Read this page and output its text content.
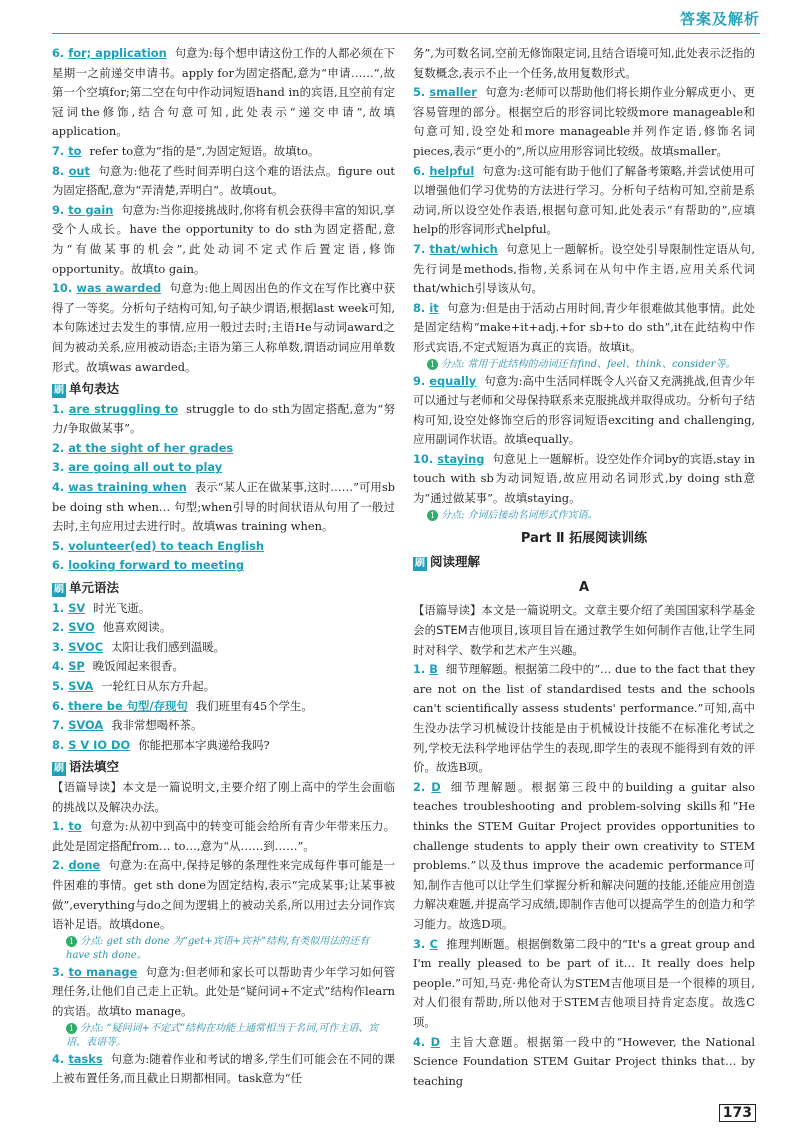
答案及解析

6. for; application 句意为:每个想申请这份工作的人都必须在下星期一之前递交申请书。apply for为固定搭配,意为“申请……”,故第一个空填for;第二空在句中作动词短语hand in的宾语,且空前有定冠词the修饰,结合句意可知,此处表示“递交申请”,故填application。

7. to refer to意为“指的是”,为固定短语。故填to。

8. out 句意为:他花了些时间弄明白这个难的语法点。figure out为固定搭配,意为“弄清楚,弄明白”。故填out。

9. to gain 句意为:当你迎接挑战时,你将有机会获得丰富的知识,享受个人成长。have the opportunity to do sth为固定搭配,意为“有做某事的机会”,此处动词不定式作后置定语,修饰opportunity。故填to gain。

10. was awarded 句意为:他上周因出色的作文在写作比赛中获得了一等奖。分析句子结构可知,句子缺少谓语,根据last week可知,本句陈述过去发生的事情,应用一般过去时;主语He与动词award之间为被动关系,应用被动语态;主语为第三人称单数,谓语动词应用单数形式。故填was awarded。

刷 单句表达

1. are struggling to struggle to do sth为固定搭配,意为“努力/争取做某事”。

2. at the sight of her grades

3. are going all out to play

4. was training when 表示“某人正在做某事,这时……”可用sb be doing sth when… 句型;when引导的时间状语从句用了一般过去时,主句应用过去进行时。故填was training when。

5. volunteer(ed) to teach English

6. looking forward to meeting

刷 单元语法

1. SV 时光飞逝。

2. SVO 他喜欢阅读。

3. SVOC 太阳让我们感到温暖。

4. SP 晚饭闻起来很香。

5. SVA 一轮红日从东方升起。

6. there be 句型/存现句 我们班里有45个学生。

7. SVOA 我非常想喝杯茶。

8. S V IO DO 你能把那本字典递给我吗?

刷 语法填空

【语篇导读】本文是一篇说明文,主要介绍了刚上高中的学生会面临的挑战以及解决办法。

1. to 句意为:从初中到高中的转变可能会给所有青少年带来压力。此处是固定搭配from… to…,意为“从……到……”。

2. done 句意为:在高中,保持足够的条理性来完成每件事可能是一件困难的事情。get sth done为固定结构,表示“完成某事;让某事被做”,everything与do之间为逻辑上的被动关系,所以用过去分词作宾语补足语。故填done。

1 分点: get sth done 为“get+宾语+宾补”结构,有类似用法的还有 have sth done。

3. to manage 句意为:但老师和家长可以帮助青少年学习如何管理任务,让他们自己走上正轨。此处是“疑问词+不定式”结构作learn的宾语。故填to manage。

1 分点: “疑问词+不定式”结构在功能上通常相当于名词,可作主语、宾语、表语等。

4. tasks 句意为:随着作业和考试的增多,学生们可能会在不同的课上被布置任务,而且截止日期都相同。task意为“任

务”,为可数名词,空前无修饰限定词,且结合语境可知,此处表示泛指的复数概念,表示不止一个任务,故用复数形式。

5. smaller 句意为:老师可以帮助他们将长期作业分解成更小、更容易管理的部分。根据空后的形容词比较级more manageable和句意可知,设空处和more manageable并列作定语,修饰名词pieces,表示“更小的”,所以应用形容词比较级。故填smaller。

6. helpful 句意为:这可能有助于他们了解备考策略,并尝试使用可以增强他们学习优势的方法进行学习。分析句子结构可知,空前是系动词,所以设空处作表语,根据句意可知,此处表示“有帮助的”,应填help的形容词形式helpful。

7. that/which 句意见上一题解析。设空处引导限制性定语从句,先行词是methods,指物,关系词在从句中作主语,应用关系代词that/which引导该从句。

8. it 句意为:但是由于活动占用时间,青少年很难做其他事情。此处是固定结构“make+it+adj.+for sb+to do sth”,it在此结构中作形式宾语,不定式短语为真正的宾语。故填it。

1 分点: 常用于此结构的动词还有find、feel、think、consider等。

9. equally 句意为:高中生活同样既令人兴奋又充满挑战,但青少年可以通过与老师和父母保持联系来克服挑战并取得成功。分析句子结构可知,设空处修饰空后的形容词短语exciting and challenging,应用副词作状语。故填equally。

10. staying 句意见上一题解析。设空处作介词by的宾语,stay in touch with sb为动词短语,故应用动名词形式,by doing sth意为“通过做某事”。故填staying。

1 分点: 介词后接动名词形式作宾语。
Part Ⅱ 拓展阅读训练
刷 阅读理解
A

【语篇导读】本文是一篇说明文。文章主要介绍了美国国家科学基金会的STEM吉他项目,该项目旨在通过教学生如何制作吉他,让学生同时对科学、数学和艺术产生兴趣。

1. B 细节理解题。根据第二段中的“… due to the fact that they are not on the list of standardised tests and the schools can't scientifically assess students' performance.”可知,高中生没办法学习机械设计技能是由于机械设计技能不在标准化考试之列,学校无法科学地评估学生的表现,即学生的表现不能得到有效的评价。故选B项。

2. D 细节理解题。根据第三段中的building a guitar also teaches troubleshooting and problem-solving skills和“He thinks the STEM Guitar Project provides opportunities to challenge students to apply their own creativity to STEM problems.”以及thus improve the academic performance可知,制作吉他可以让学生们掌握分析和解决问题的技能,还能应用创造力解决难题,并提高学习成绩,即制作吉他可以提高学生的创造力和学习能力。故选D项。

3. C 推理判断题。根据倒数第二段中的“It's a great group and I'm really pleased to be part of it… It really does help people.”可知,马克·弗伦奇认为STEM吉他项目是一个很棒的项目,对人们很有帮助,所以他对于STEM吉他项目持肯定态度。故选C项。

4. D 主旨大意题。根据第一段中的“However, the National Science Foundation STEM Guitar Project thinks that… by teaching

173
